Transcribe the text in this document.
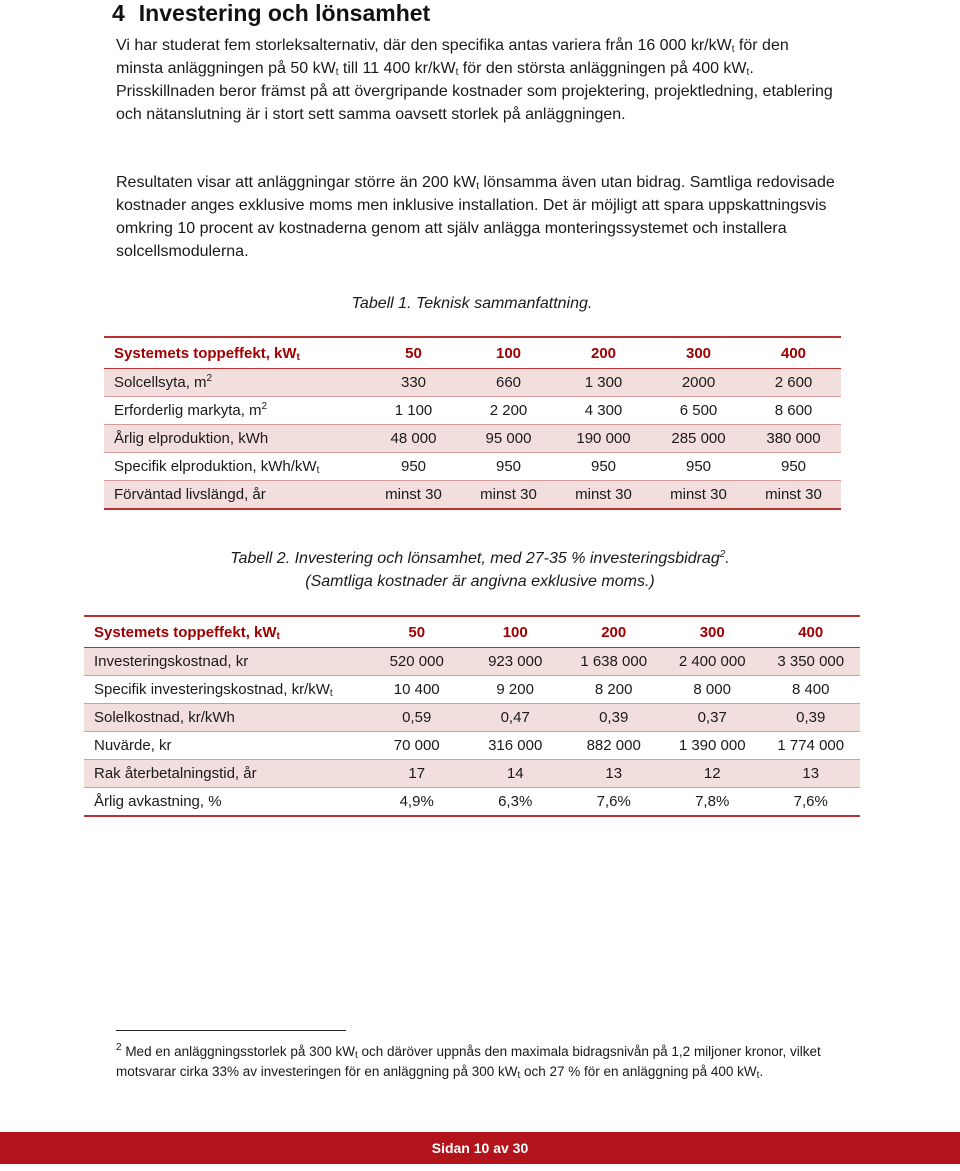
4 Investering och lönsamhet

Vi har studerat fem storleksalternativ, där den specifika antas variera från 16 000 $kr/kW_t$ för den minsta anläggningen på 50 $kW_t$ till 11 400 $kr/kW_t$ för den största anläggningen på 400 $kW_t$. Prisskillnaden beror främst på att övergripande kostnader som projektering, projektledning, etablering och nätanslutning är i stort sett samma oavsett storlek på anläggningen.

Resultaten visar att anläggningar större än 200 $kW_t$ lönsamma även utan bidrag. Samtliga redovisade kostnader anges exklusive moms men inklusive installation. Det är möjligt att spara uppskattningsvis omkring 10 procent av kostnaderna genom att själv anlägga monteringssystemet och installera solcellsmodulerna.

Tabell 1. Teknisk sammanfattning.

Systemets toppeffekt, $kW_t$	50	100	200	300	400
Solcellsyta, $m^2$	330	660	1 300	2000	2 600
Erforderlig markyta, $m^2$	1 100	2 200	4 300	6 500	8 600
Årlig elproduktion, kWh	48 000	95 000	190 000	285 000	380 000
Specifik elproduktion, kWh/$kW_t$	950	950	950	950	950
Förväntad livslängd, år	minst 30	minst 30	minst 30	minst 30	minst 30

Tabell 2. Investering och lönsamhet, med 27-35 % investeringsbidrag$^2$.
(Samtliga kostnader är angivna exklusive moms.)

Systemets toppeffekt, $kW_t$	50	100	200	300	400
Investeringskostnad, kr	520 000	923 000	1 638 000	2 400 000	3 350 000
Specifik investeringskostnad, $kr/kW_t$	10 400	9 200	8 200	8 000	8 400
Solelkostnad, kr/kWh	0,59	0,47	0,39	0,37	0,39
Nuvärde, kr	70 000	316 000	882 000	1 390 000	1 774 000
Rak återbetalningstid, år	17	14	13	12	13
Årlig avkastning, %	4,9%	6,3%	7,6%	7,8%	7,6%

$^2$ Med en anläggningsstorlek på 300 $kW_t$ och däröver uppnås den maximala bidragsnivån på 1,2 miljoner kronor, vilket motsvarar cirka 33% av investeringen för en anläggning på 300 $kW_t$ och 27 % för en anläggning på 400 $kW_t$.

Sidan 10 av 30
